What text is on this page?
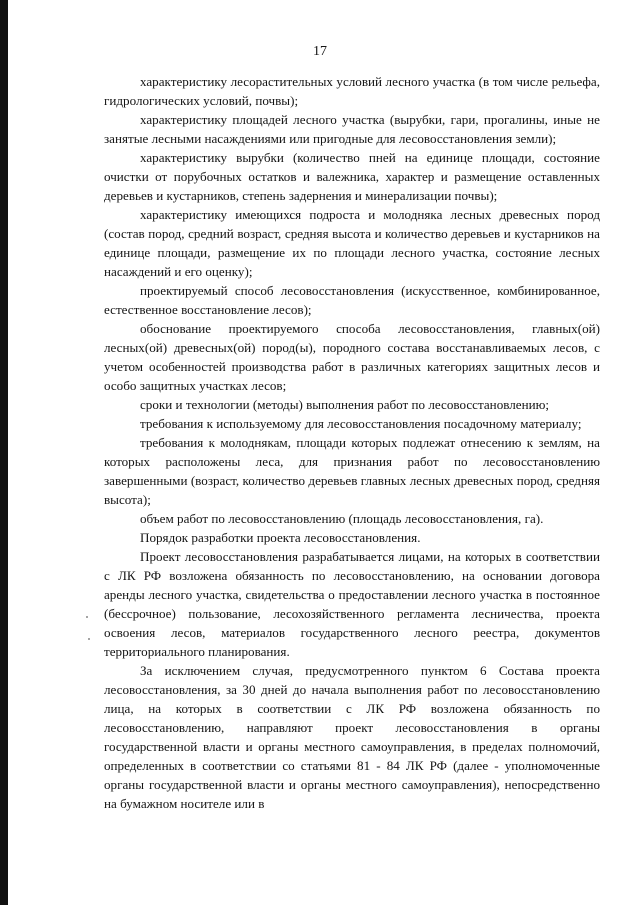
17

характеристику лесорастительных условий лесного участка (в том числе рельефа, гидрологических условий, почвы);

характеристику площадей лесного участка (вырубки, гари, прогалины, иные не занятые лесными насаждениями или пригодные для лесовосстановления земли);

характеристику вырубки (количество пней на единице площади, состояние очистки от порубочных остатков и валежника, характер и размещение оставленных деревьев и кустарников, степень задернения и минерализации почвы);

характеристику имеющихся подроста и молодняка лесных древесных пород (состав пород, средний возраст, средняя высота и количество деревьев и кустарников на единице площади, размещение их по площади лесного участка, состояние лесных насаждений и его оценку);

проектируемый способ лесовосстановления (искусственное, комбинированное, естественное восстановление лесов);

обоснование проектируемого способа лесовосстановления, главных(ой) лесных(ой) древесных(ой) пород(ы), породного состава восстанавливаемых лесов, с учетом особенностей производства работ в различных категориях защитных лесов и особо защитных участках лесов;

сроки и технологии (методы) выполнения работ по лесовосстановлению;

требования к используемому для лесовосстановления посадочному материалу;

требования к молоднякам, площади которых подлежат отнесению к землям, на которых расположены леса, для признания работ по лесовосстановлению завершенными (возраст, количество деревьев главных лесных древесных пород, средняя высота);

объем работ по лесовосстановлению (площадь лесовосстановления, га).

Порядок разработки проекта лесовосстановления.

Проект лесовосстановления разрабатывается лицами, на которых в соответствии с ЛК РФ возложена обязанность по лесовосстановлению, на основании договора аренды лесного участка, свидетельства о предоставлении лесного участка в постоянное (бессрочное) пользование, лесохозяйственного регламента лесничества, проекта освоения лесов, материалов государственного лесного реестра, документов территориального планирования.

За исключением случая, предусмотренного пунктом 6 Состава проекта лесовосстановления, за 30 дней до начала выполнения работ по лесовосстановлению лица, на которых в соответствии с ЛК РФ возложена обязанность по лесовосстановлению, направляют проект лесовосстановления в органы государственной власти и органы местного самоуправления, в пределах полномочий, определенных в соответствии со статьями 81 - 84 ЛК РФ (далее - уполномоченные органы государственной власти и органы местного самоуправления), непосредственно на бумажном носителе или в
